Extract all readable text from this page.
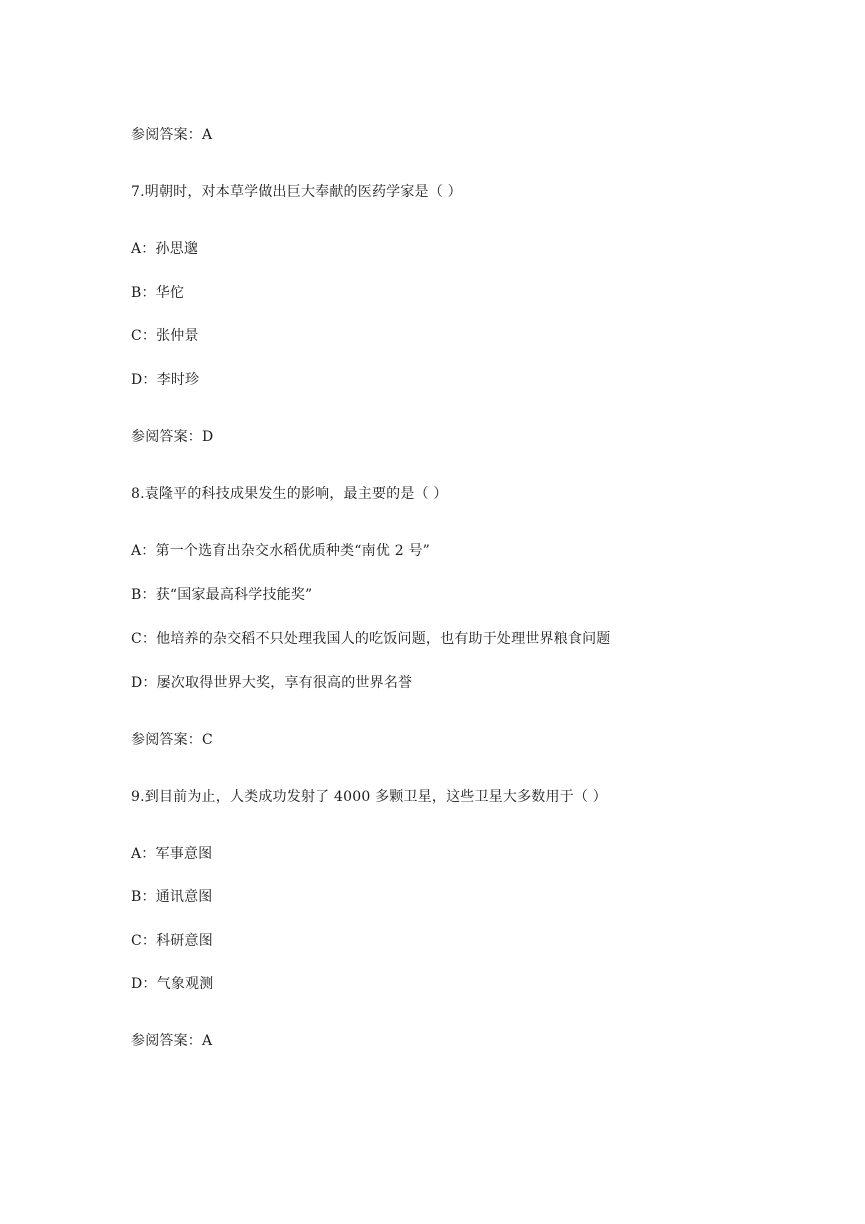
参阅答案：A
7.明朝时，对本草学做出巨大奉献的医药学家是（ ）
A：孙思邈
B：华佗
C：张仲景
D：李时珍
参阅答案：D
8.袁隆平的科技成果发生的影响，最主要的是（ ）
A：第一个选育出杂交水稻优质种类“南优 2 号”
B：获“国家最高科学技能奖”
C：他培养的杂交稻不只处理我国人的吃饭问题，也有助于处理世界粮食问题
D：屡次取得世界大奖，享有很高的世界名誉
参阅答案：C
9.到目前为止，人类成功发射了 4000 多颗卫星，这些卫星大多数用于（ ）
A：军事意图
B：通讯意图
C：科研意图
D：气象观测
参阅答案：A
